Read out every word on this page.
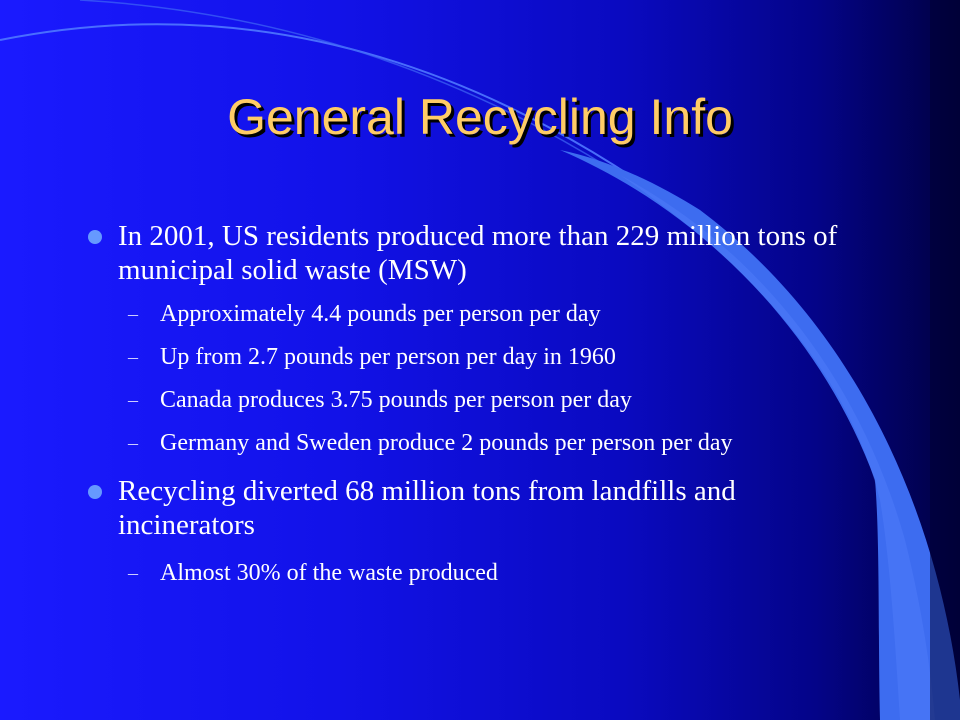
General Recycling Info
In 2001, US residents produced more than 229 million tons of municipal solid waste (MSW)
– Approximately 4.4 pounds per person per day
– Up from 2.7 pounds per person per day in 1960
– Canada produces 3.75 pounds per person per day
– Germany and Sweden produce 2 pounds per person per day
Recycling diverted 68 million tons from landfills and incinerators
– Almost 30% of the waste produced
